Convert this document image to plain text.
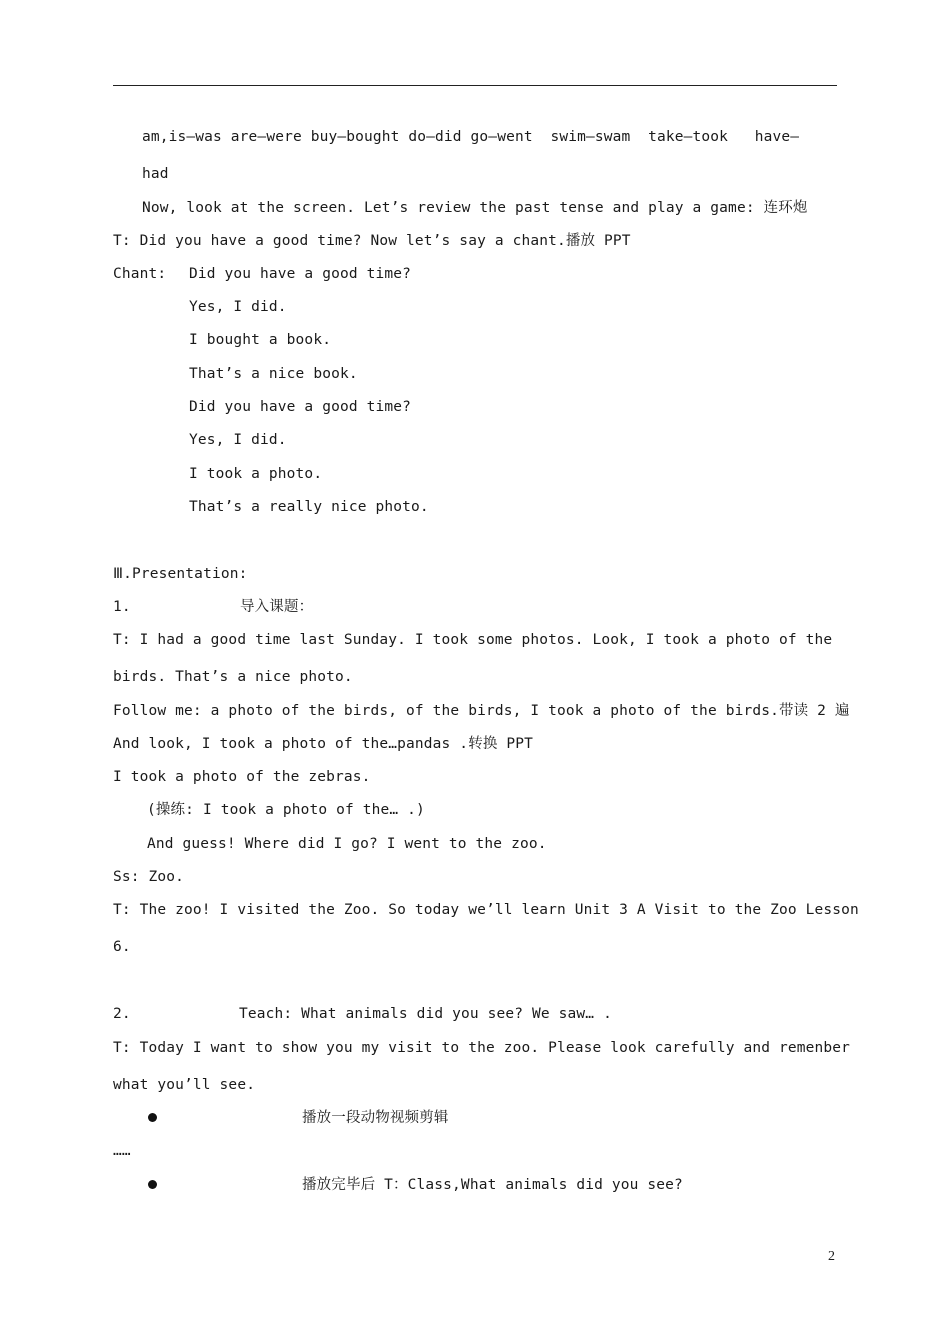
am,is—was are—were buy—bought do—did go—went  swim—swam  take—took   have—
had
Now, look at the screen. Let’s review the past tense and play a game: 连环炮
T: Did you have a good time? Now let’s say a chant.播放 PPT
Chant: Did you have a good time?
Yes, I did.
I bought a book.
That’s a nice book.
Did you have a good time?
Yes, I did.
I took a photo.
That’s a really nice photo.
Ⅲ.Presentation:
1.	导入课题：
T: I had a good time last Sunday. I took some photos. Look, I took a photo of the
birds. That’s a nice photo.
Follow me: a photo of the birds, of the birds, I took a photo of the birds.带读 2 遍
And look, I took a photo of the…pandas .转换 PPT
I took a photo of the zebras.
(操练: I took a photo of the… .)
And guess! Where did I go? I went to the zoo.
Ss: Zoo.
T: The zoo! I visited the Zoo. So today we’ll learn Unit 3 A Visit to the Zoo Lesson
6.
2.	Teach: What animals did you see? We saw… .
T: Today I want to show you my visit to the zoo. Please look carefully and remenber
what you’ll see.
播放一段动物视频剪辑
……
播放完毕后 T：Class,What animals did you see?
2
